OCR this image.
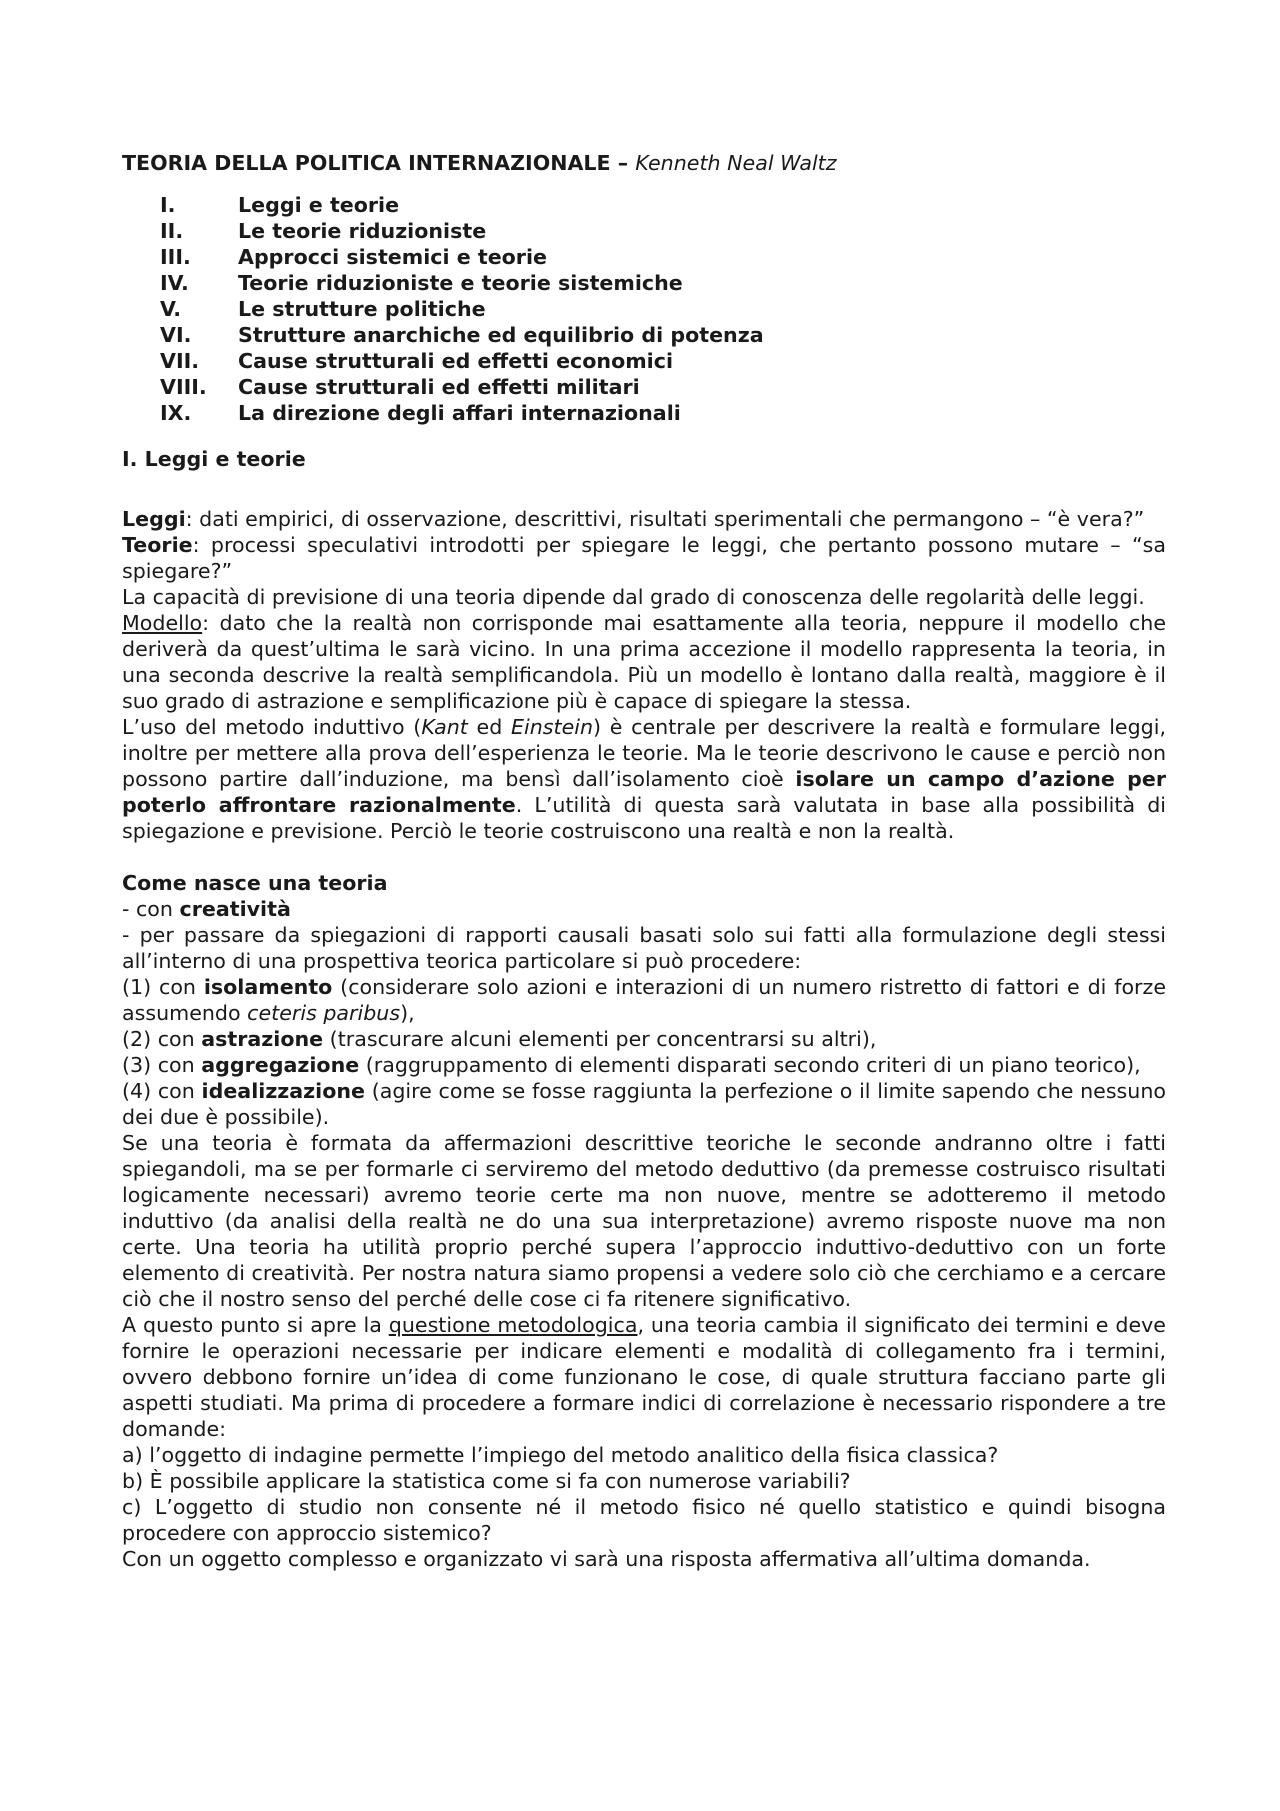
TEORIA DELLA POLITICA INTERNAZIONALE – Kenneth Neal Waltz

I.	Leggi e teorie
II.	Le teorie riduzioniste
III.	Approcci sistemici e teorie
IV.	Teorie riduzioniste e teorie sistemiche
V.	Le strutture politiche
VI.	Strutture anarchiche ed equilibrio di potenza
VII.	Cause strutturali ed effetti economici
VIII.	Cause strutturali ed effetti militari
IX.	La direzione degli affari internazionali
I. Leggi e teorie

Leggi: dati empirici, di osservazione, descrittivi, risultati sperimentali che permangono – “è vera?”

Teorie: processi speculativi introdotti per spiegare le leggi, che pertanto possono mutare – “sa spiegare?”

La capacità di previsione di una teoria dipende dal grado di conoscenza delle regolarità delle leggi.

Modello: dato che la realtà non corrisponde mai esattamente alla teoria, neppure il modello che deriverà da quest’ultima le sarà vicino. In una prima accezione il modello rappresenta la teoria, in una seconda descrive la realtà semplificandola. Più un modello è lontano dalla realtà, maggiore è il suo grado di astrazione e semplificazione più è capace di spiegare la stessa.

L’uso del metodo induttivo (Kant ed Einstein) è centrale per descrivere la realtà e formulare leggi, inoltre per mettere alla prova dell’esperienza le teorie. Ma le teorie descrivono le cause e perciò non possono partire dall’induzione, ma bensì dall’isolamento cioè isolare un campo d’azione per poterlo affrontare razionalmente. L’utilità di questa sarà valutata in base alla possibilità di spiegazione e previsione. Perciò le teorie costruiscono una realtà e non la realtà.

Come nasce una teoria

- con creatività

- per passare da spiegazioni di rapporti causali basati solo sui fatti alla formulazione degli stessi all’interno di una prospettiva teorica particolare si può procedere:

(1) con isolamento (considerare solo azioni e interazioni di un numero ristretto di fattori e di forze assumendo ceteris paribus),

(2) con astrazione (trascurare alcuni elementi per concentrarsi su altri),

(3) con aggregazione (raggruppamento di elementi disparati secondo criteri di un piano teorico),

(4) con idealizzazione (agire come se fosse raggiunta la perfezione o il limite sapendo che nessuno dei due è possibile).

Se una teoria è formata da affermazioni descrittive teoriche le seconde andranno oltre i fatti spiegandoli, ma se per formarle ci serviremo del metodo deduttivo (da premesse costruisco risultati logicamente necessari) avremo teorie certe ma non nuove, mentre se adotteremo il metodo induttivo (da analisi della realtà ne do una sua interpretazione) avremo risposte nuove ma non certe. Una teoria ha utilità proprio perché supera l’approccio induttivo-deduttivo con un forte elemento di creatività. Per nostra natura siamo propensi a vedere solo ciò che cerchiamo e a cercare ciò che il nostro senso del perché delle cose ci fa ritenere significativo.

A questo punto si apre la questione metodologica, una teoria cambia il significato dei termini e deve fornire le operazioni necessarie per indicare elementi e modalità di collegamento fra i termini, ovvero debbono fornire un’idea di come funzionano le cose, di quale struttura facciano parte gli aspetti studiati. Ma prima di procedere a formare indici di correlazione è necessario rispondere a tre domande:

a) l’oggetto di indagine permette l’impiego del metodo analitico della fisica classica?

b) È possibile applicare la statistica come si fa con numerose variabili?

c) L’oggetto di studio non consente né il metodo fisico né quello statistico e quindi bisogna procedere con approccio sistemico?

Con un oggetto complesso e organizzato vi sarà una risposta affermativa all’ultima domanda.
